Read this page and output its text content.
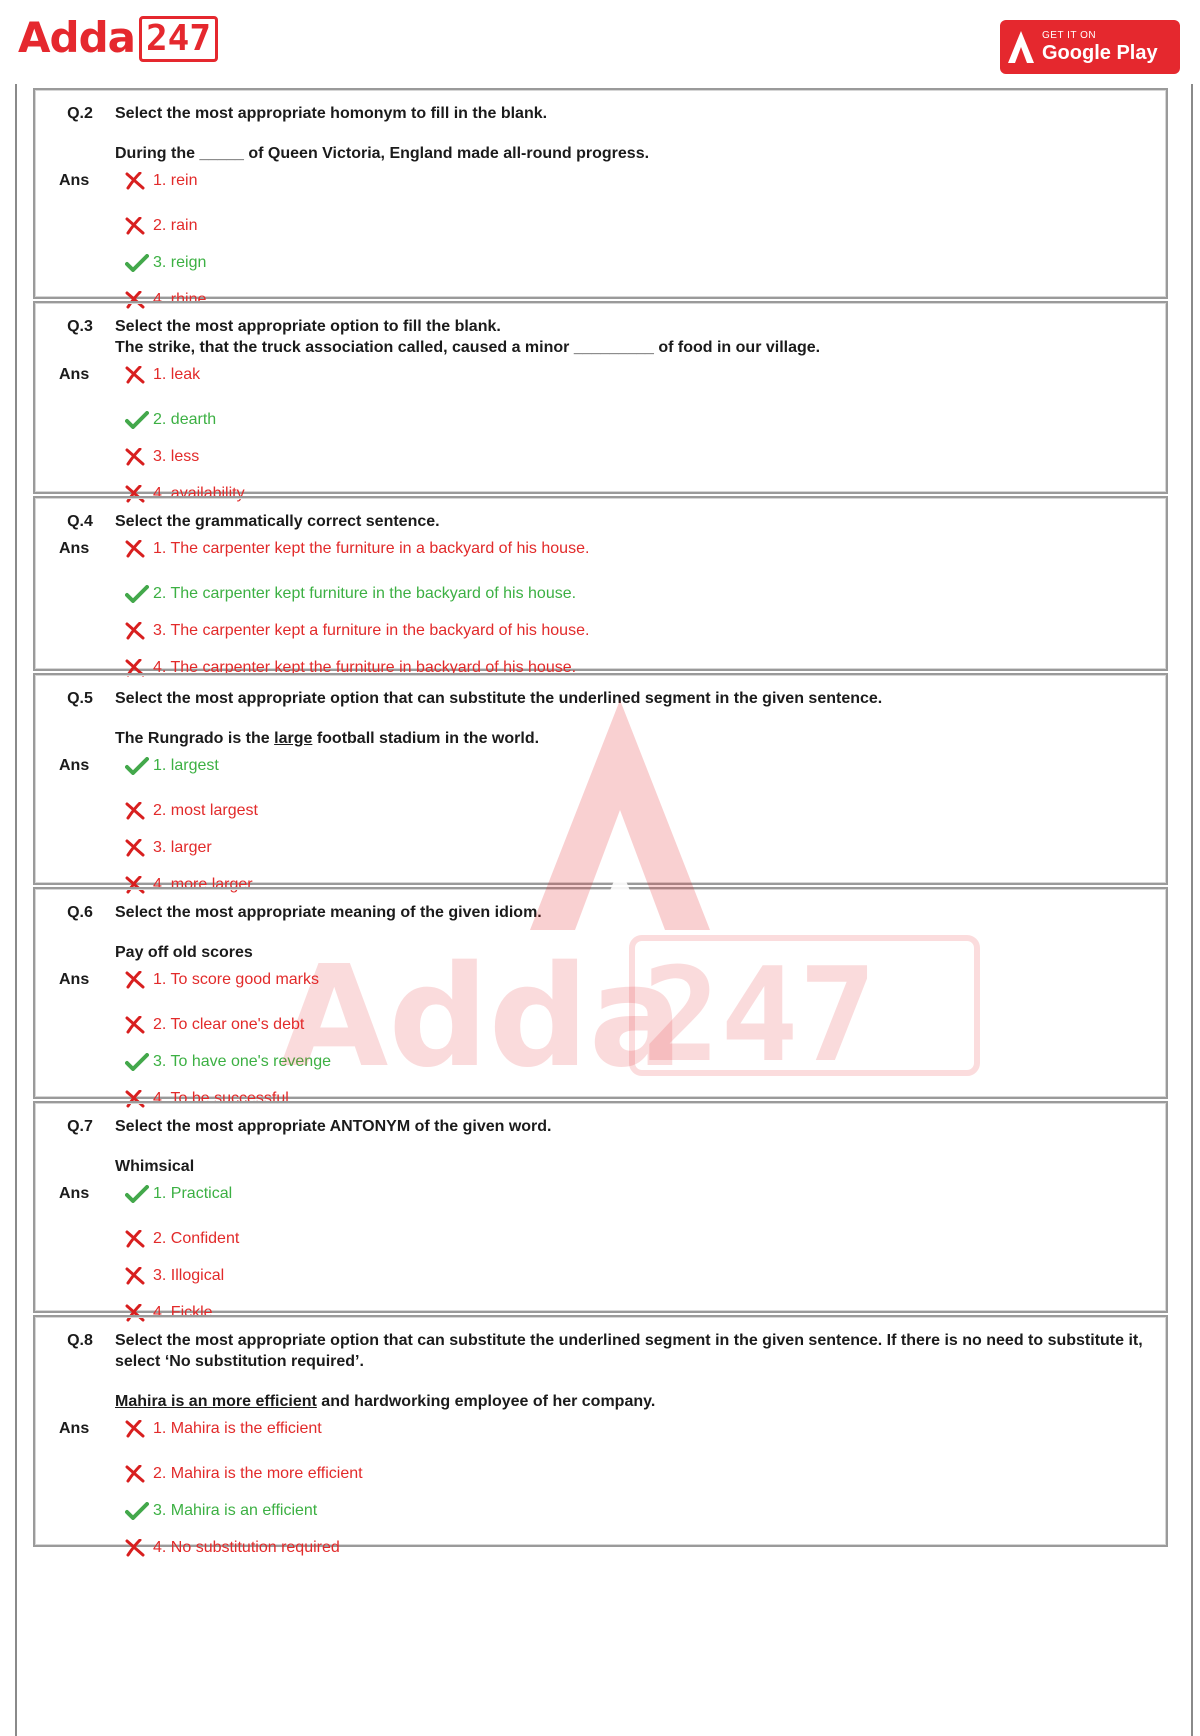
Adda 247	GET IT ON
Google Play
Q.2	Select the most appropriate homonym to fill in the blank.

During the _____ of Queen Victoria, England made all-round progress.

Ans	1. rein
2. rain
3. reign
4. rhine
Q.3	Select the most appropriate option to fill the blank.

The strike, that the truck association called, caused a minor _________ of food in our village.

Ans	1. leak
2. dearth
3. less
4. availability
Q.4	Select the grammatically correct sentence.

Ans	1. The carpenter kept the furniture in a backyard of his house.
2. The carpenter kept furniture in the backyard of his house.
3. The carpenter kept a furniture in the backyard of his house.
4. The carpenter kept the furniture in backyard of his house.
Q.5	Select the most appropriate option that can substitute the underlined segment in the given sentence.

The Rungrado is the large football stadium in the world.

Ans	1. largest
2. most largest
3. larger
4. more larger
Q.6	Select the most appropriate meaning of the given idiom.

Pay off old scores

Ans	1. To score good marks
2. To clear one's debt
3. To have one's revenge
4. To be successful
Q.7	Select the most appropriate ANTONYM of the given word.

Whimsical

Ans	1. Practical
2. Confident
3. Illogical
4. Fickle
Q.8	Select the most appropriate option that can substitute the underlined segment in the given sentence. If there is no need to substitute it, select ‘No substitution required’.

Mahira is an more efficient and hardworking employee of her company.

Ans	1. Mahira is the efficient
2. Mahira is the more efficient
3. Mahira is an efficient
4. No substitution required
Adda
247
